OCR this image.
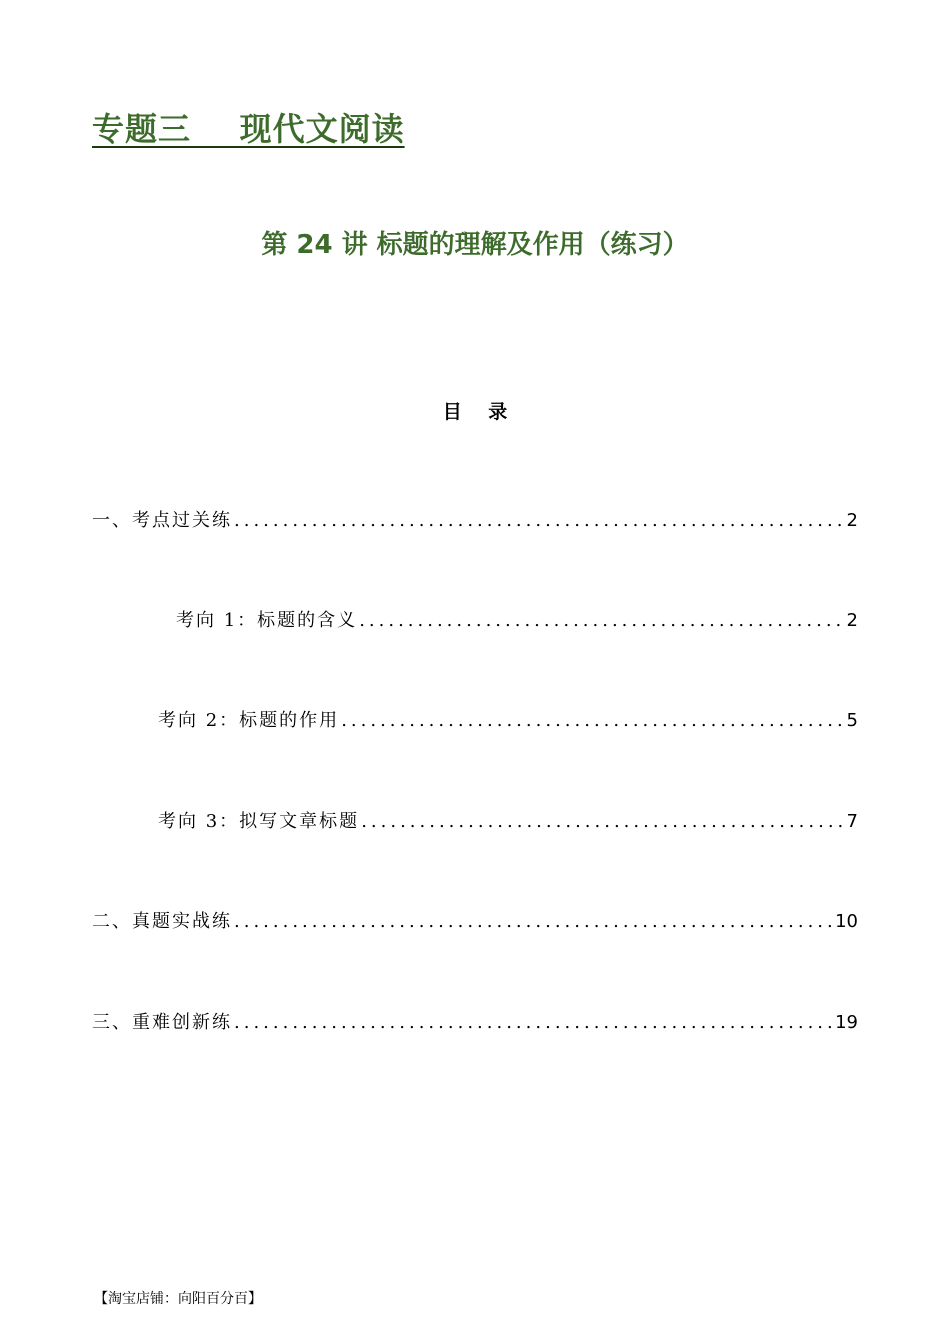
专题三    现代文阅读
第 24 讲 标题的理解及作用（练习）
目    录
一、考点过关练 .....	2
考向 1：标题的含义 .....	2
考向 2：标题的作用 .....	5
考向 3：拟写文章标题 .....	7
二、真题实战练 .....	10
三、重难创新练 .....	19
【淘宝店铺：向阳百分百】
